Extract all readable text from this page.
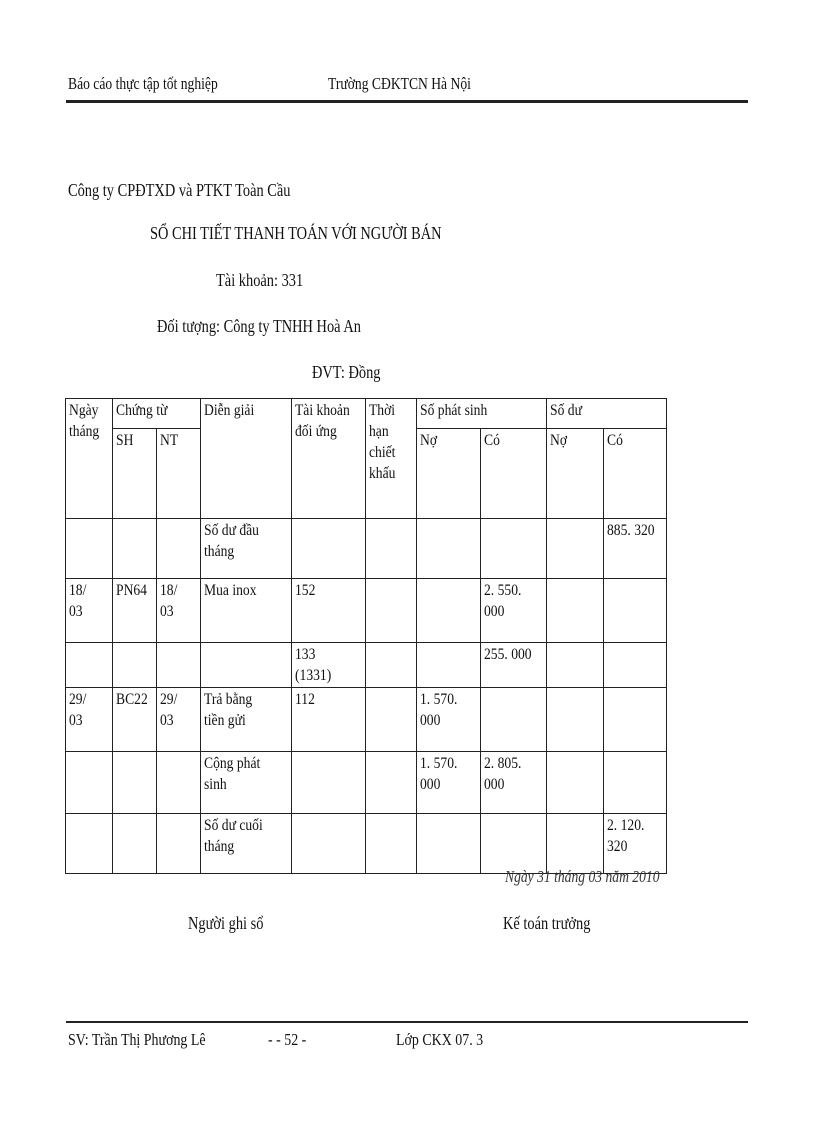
Báo cáo thực tập tốt nghiệp	Trường CĐKTCN Hà Nội
Công ty CPĐTXD và PTKT Toàn Cầu
SỔ CHI TIẾT THANH TOÁN VỚI NGƯỜI BÁN
Tài khoản: 331
Đối tượng: Công ty TNHH Hoà An
ĐVT: Đồng
Ngày tháng	Chứng từ		Diễn giải	Tài khoản đối ứng	Thời hạn chiết khấu	Số phát sinh		Số dư	
	SH	NT				Nợ	Có	Nợ	Có
			Số dư đầu tháng						885. 320
18/ 03	PN64	18/ 03	Mua inox	152			2. 550. 000		
				133 (1331)			255. 000		
29/ 03	BC22	29/ 03	Trả bằng tiền gửi	112		1. 570. 000			
			Cộng phát sinh			1. 570. 000	2. 805. 000		
			Số dư cuối tháng						2. 120. 320
Ngày 31 tháng 03 năm 2010
Người ghi sổ	Kế toán trưởng
SV: Trần Thị Phương Lê	- - 52 -	Lớp CKX 07. 3
